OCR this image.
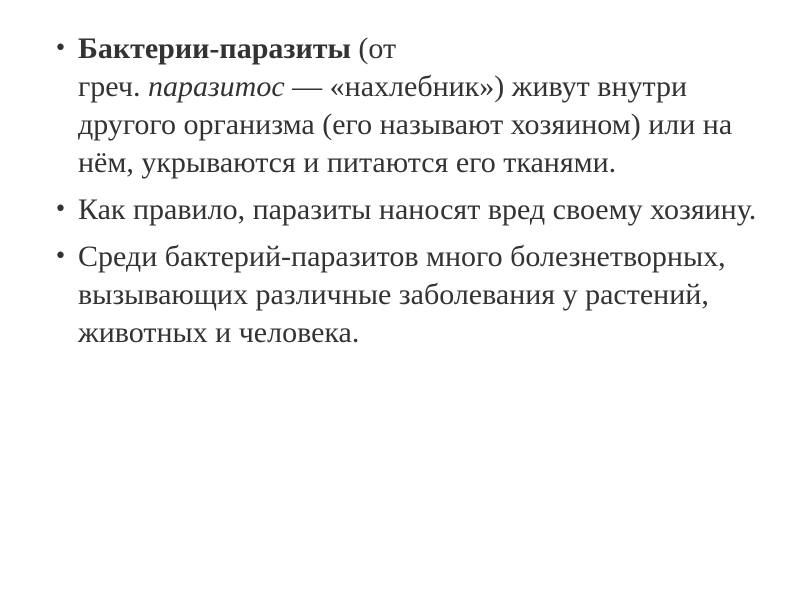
• Бактерии-паразиты (от
греч. паразитос — «нахлебник») живут внутри другого организма (его называют хозяином) или на нём, укрываются и питаются его тканями.
• Как правило, паразиты наносят вред своему хозяину.
• Среди бактерий-паразитов много болезнетворных, вызывающих различные заболевания у растений, животных и человека.
